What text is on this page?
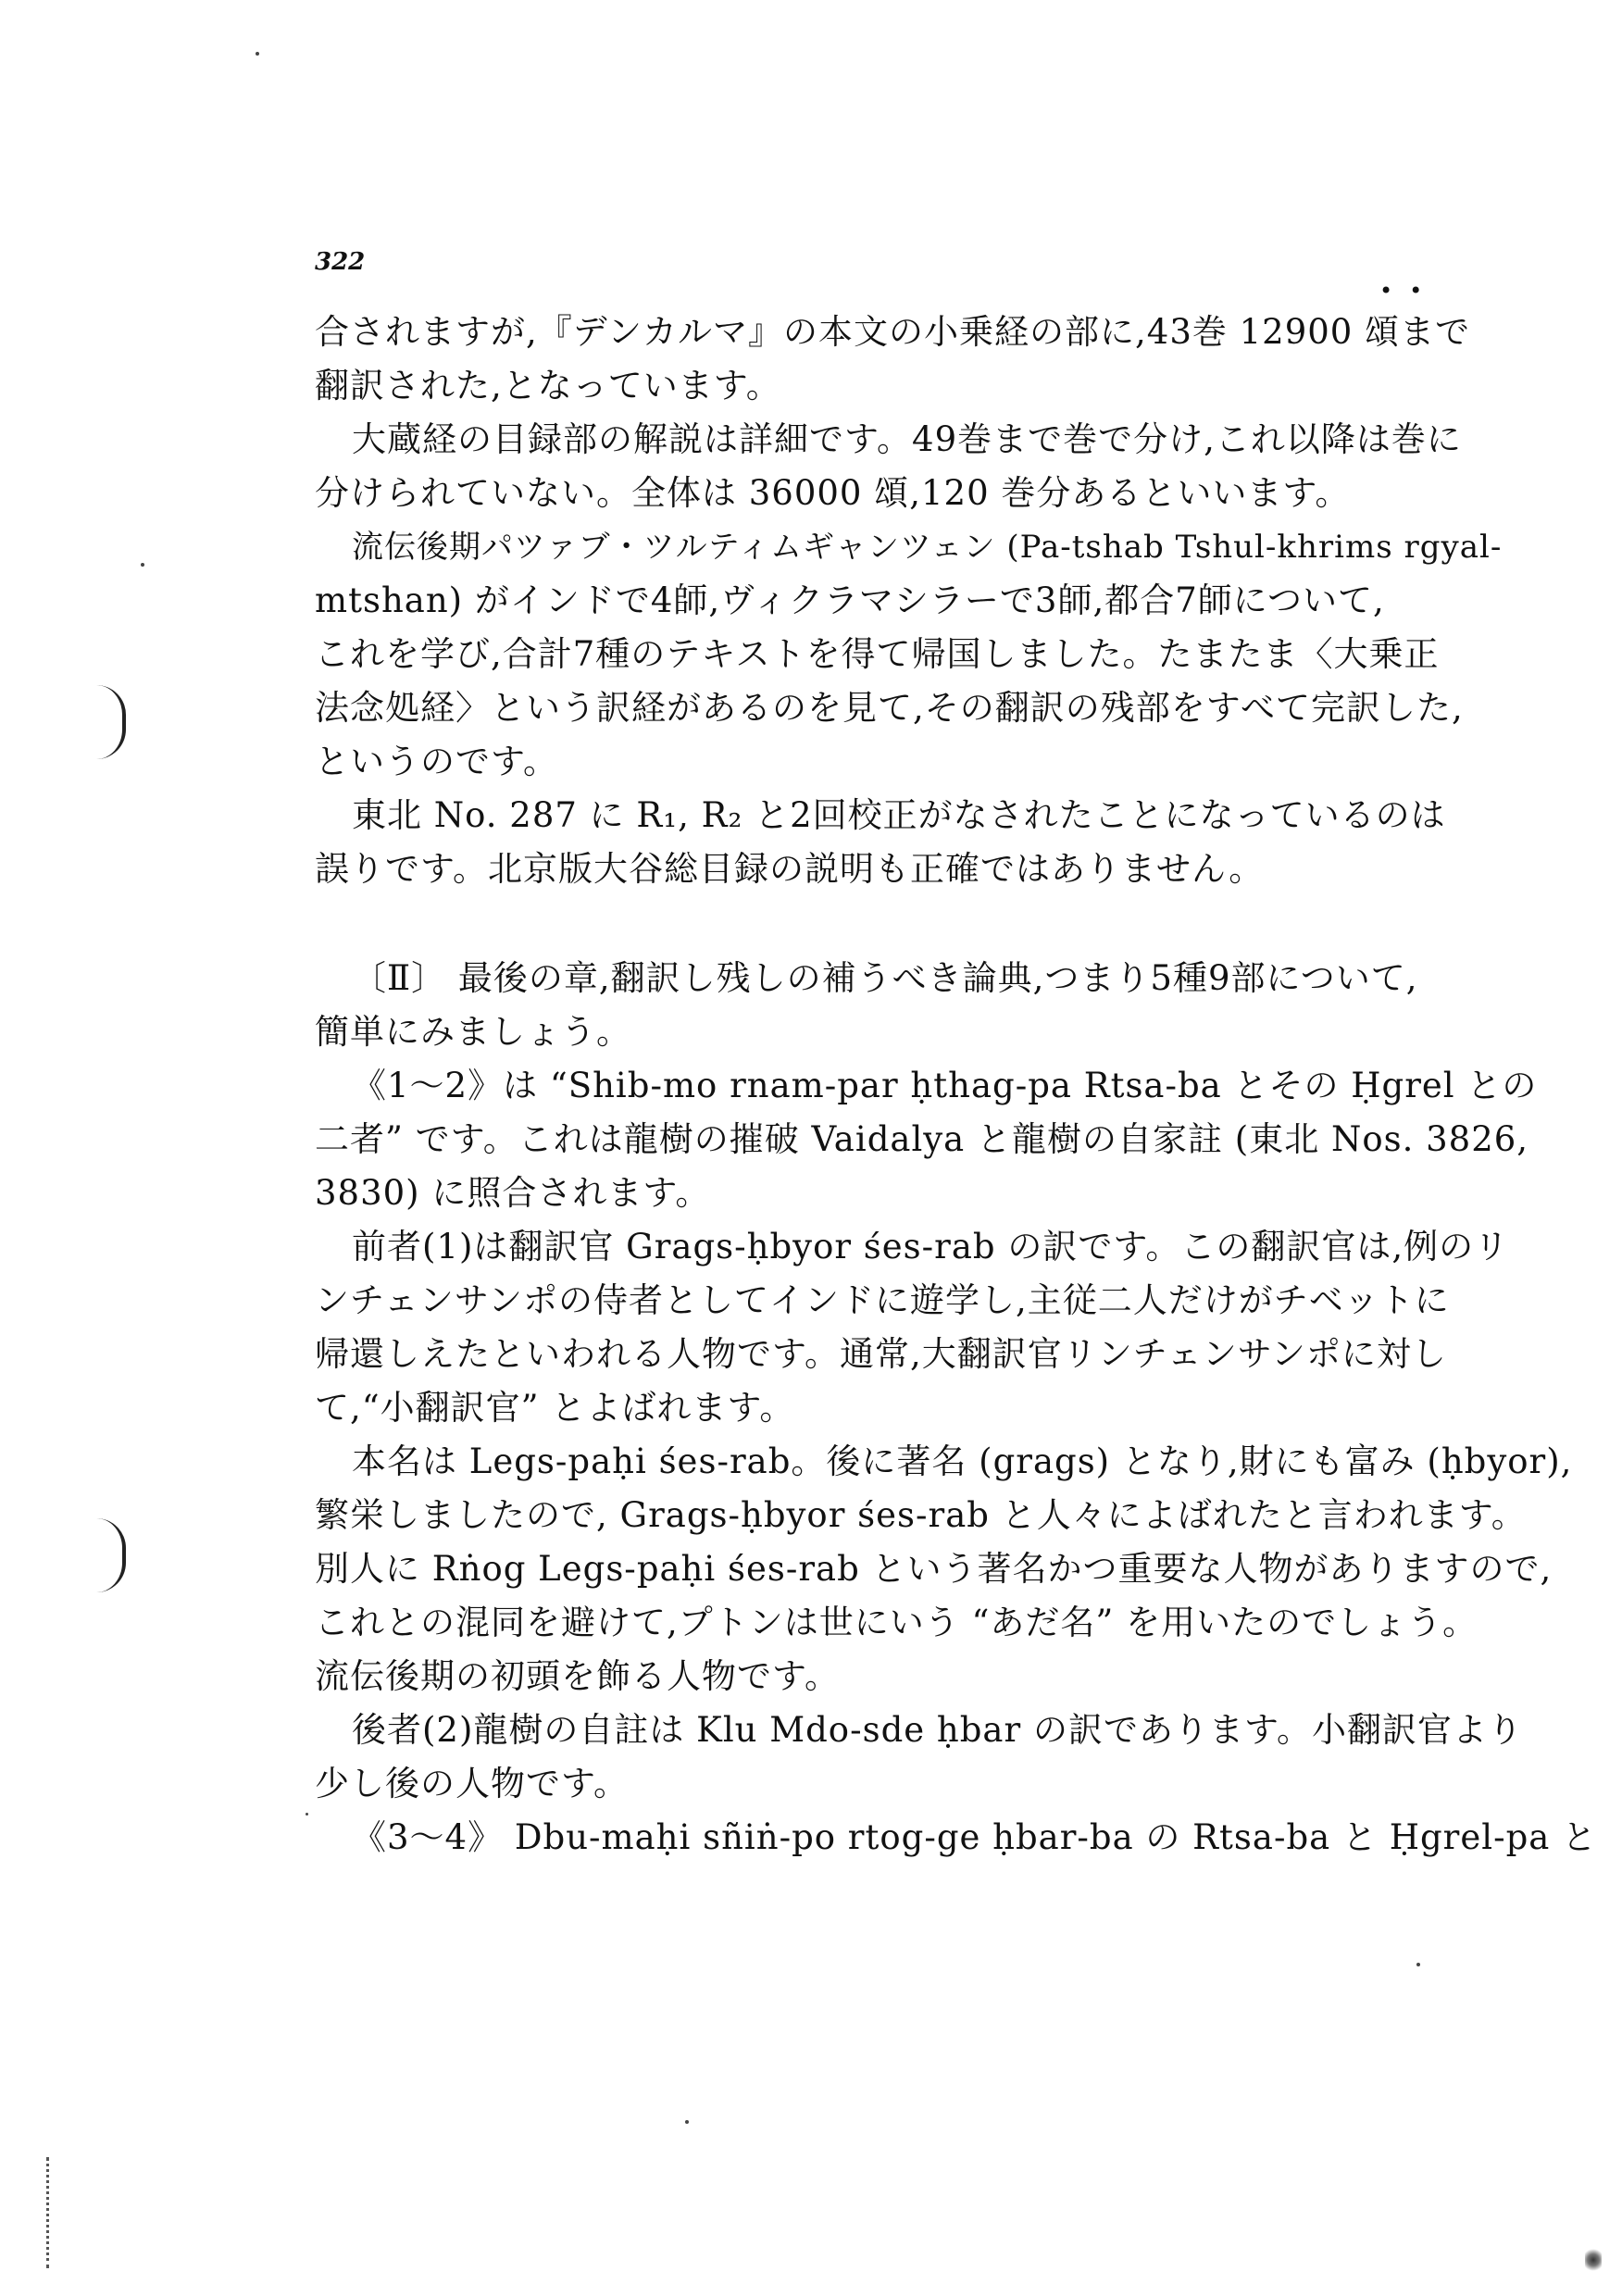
322
••
合されますが,『デンカルマ』の本文の小乗経の部に,43巻 12900 頌まで
翻訳された,となっています。
大蔵経の目録部の解説は詳細です。49巻まで巻で分け,これ以降は巻に
分けられていない。全体は 36000 頌,120 巻分あるといいます。
流伝後期パツァブ・ツルティムギャンツェン (Pa-tshab Tshul-khrims rgyal-
mtshan) がインドで4師,ヴィクラマシラーで3師,都合7師について,
これを学び,合計7種のテキストを得て帰国しました。たまたま〈大乗正
法念処経〉という訳経があるのを見て,その翻訳の残部をすべて完訳した,
というのです。
東北 No. 287 に R₁, R₂ と2回校正がなされたことになっているのは
誤りです。北京版大谷総目録の説明も正確ではありません。
〔Ⅱ〕 最後の章,翻訳し残しの補うべき論典,つまり5種9部について,
簡単にみましょう。
《1～2》は “Shib-mo rnam-par ḥthag-pa Rtsa-ba とその Ḥgrel との
二者” です。これは龍樹の摧破 Vaidalya と龍樹の自家註 (東北 Nos. 3826,
3830) に照合されます。
前者(1)は翻訳官 Grags-ḥbyor śes-rab の訳です。この翻訳官は,例のリ
ンチェンサンポの侍者としてインドに遊学し,主従二人だけがチベットに
帰還しえたといわれる人物です。通常,大翻訳官リンチェンサンポに対し
て,“小翻訳官” とよばれます。
本名は Legs-paḥi śes-rab。後に著名 (grags) となり,財にも富み (ḥbyor),
繁栄しましたので, Grags-ḥbyor śes-rab と人々によばれたと言われます。
別人に Rṅog Legs-paḥi śes-rab という著名かつ重要な人物がありますので,
これとの混同を避けて,プトンは世にいう “あだ名” を用いたのでしょう。
流伝後期の初頭を飾る人物です。
後者(2)龍樹の自註は Klu Mdo-sde ḥbar の訳であります。小翻訳官より
少し後の人物です。
《3～4》 Dbu-maḥi sñiṅ-po rtog-ge ḥbar-ba の Rtsa-ba と Ḥgrel-pa と
